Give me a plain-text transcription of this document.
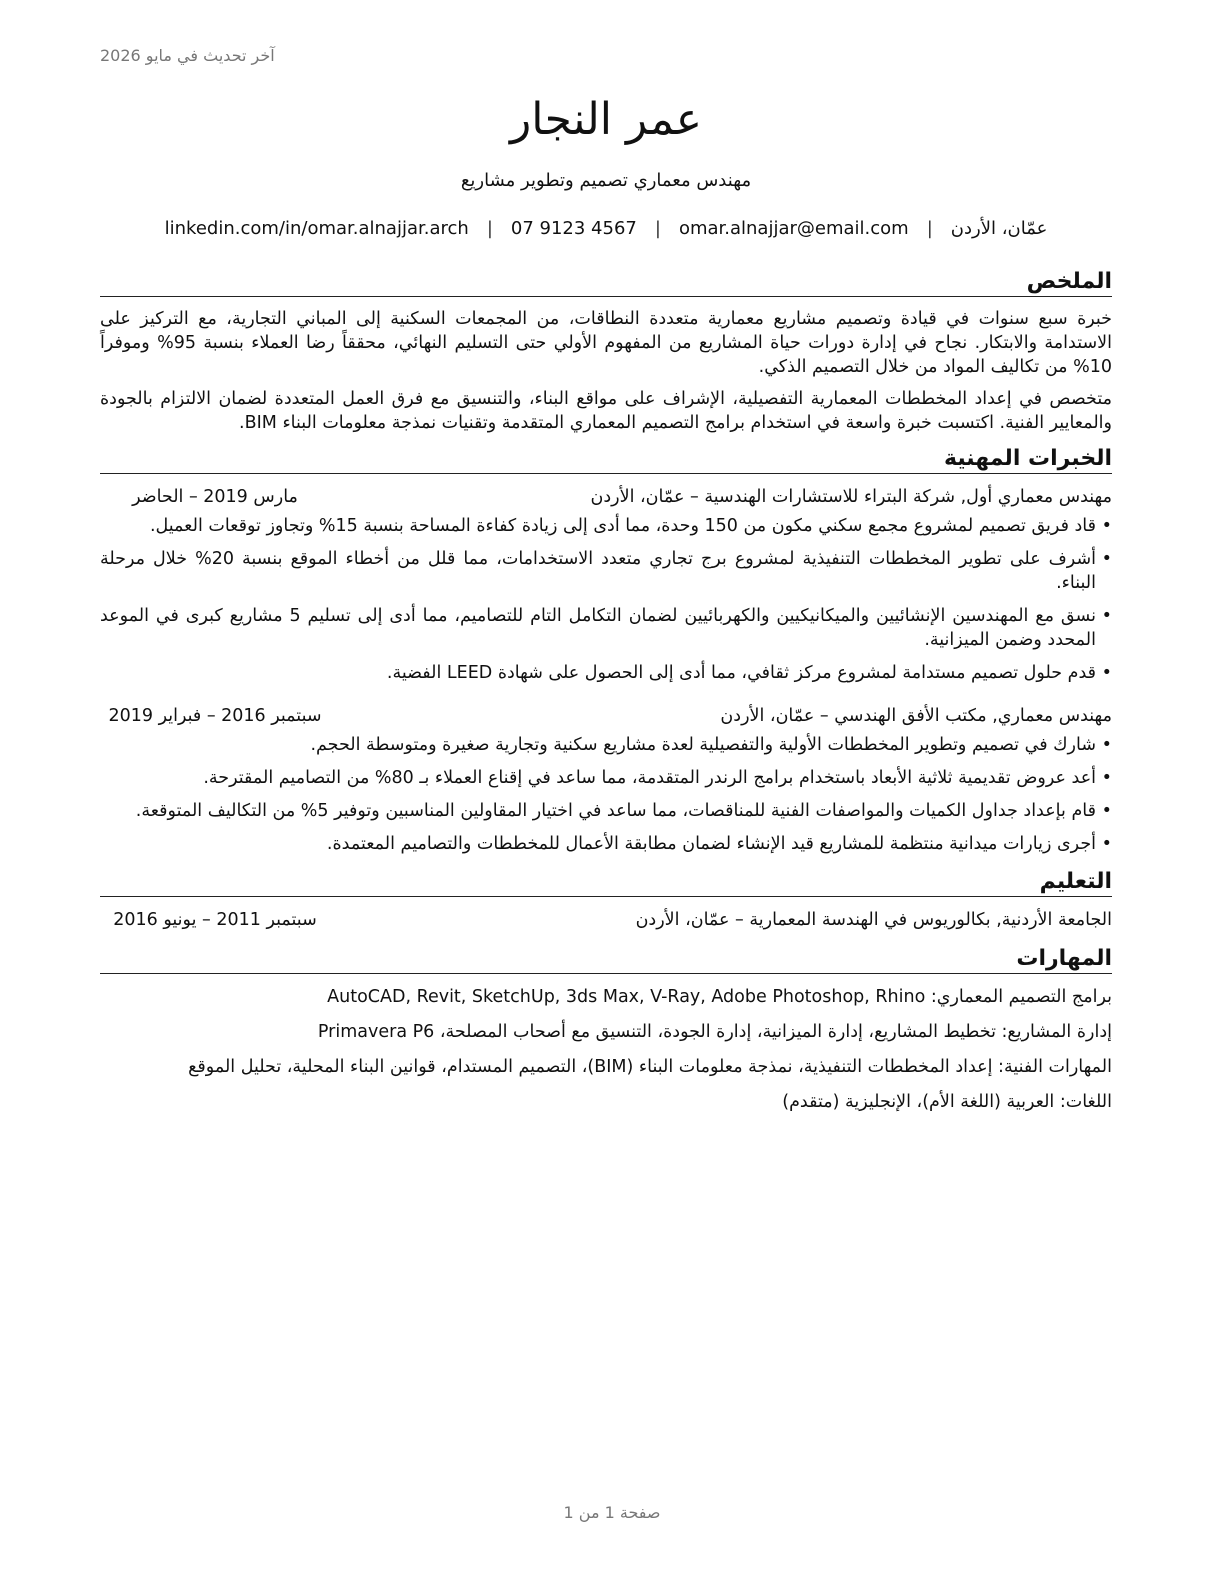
آخر تحديث في مايو 2026
عمر النجار
مهندس معماري تصميم وتطوير مشاريع
عمّان، الأردن
|
omar.alnajjar@email.com
|
07 9123 4567
|
linkedin.com/in/omar.alnajjar.arch
الملخص

خبرة سبع سنوات في قيادة وتصميم مشاريع معمارية متعددة النطاقات، من المجمعات السكنية إلى المباني التجارية، مع التركيز على الاستدامة والابتكار. نجاح في إدارة دورات حياة المشاريع من المفهوم الأولي حتى التسليم النهائي، محققاً رضا العملاء بنسبة 95% وموفراً 10% من تكاليف المواد من خلال التصميم الذكي.

متخصص في إعداد المخططات المعمارية التفصيلية، الإشراف على مواقع البناء، والتنسيق مع فرق العمل المتعددة لضمان الالتزام بالجودة والمعايير الفنية. اكتسبت خبرة واسعة في استخدام برامج التصميم المعماري المتقدمة وتقنيات نمذجة معلومات البناء BIM.

الخبرات المهنية
مهندس معماري أول, شركة البتراء للاستشارات الهندسية – عمّان، الأردن
مارس 2019 – الحاضر
• قاد فريق تصميم لمشروع مجمع سكني مكون من 150 وحدة، مما أدى إلى زيادة كفاءة المساحة بنسبة 15% وتجاوز توقعات العميل.
• أشرف على تطوير المخططات التنفيذية لمشروع برج تجاري متعدد الاستخدامات، مما قلل من أخطاء الموقع بنسبة 20% خلال مرحلة البناء.
• نسق مع المهندسين الإنشائيين والميكانيكيين والكهربائيين لضمان التكامل التام للتصاميم، مما أدى إلى تسليم 5 مشاريع كبرى في الموعد المحدد وضمن الميزانية.
• قدم حلول تصميم مستدامة لمشروع مركز ثقافي، مما أدى إلى الحصول على شهادة LEED الفضية.
مهندس معماري, مكتب الأفق الهندسي – عمّان، الأردن
سبتمبر 2016 – فبراير 2019
• شارك في تصميم وتطوير المخططات الأولية والتفصيلية لعدة مشاريع سكنية وتجارية صغيرة ومتوسطة الحجم.
• أعد عروض تقديمية ثلاثية الأبعاد باستخدام برامج الرندر المتقدمة، مما ساعد في إقناع العملاء بـ 80% من التصاميم المقترحة.
• قام بإعداد جداول الكميات والمواصفات الفنية للمناقصات، مما ساعد في اختيار المقاولين المناسبين وتوفير 5% من التكاليف المتوقعة.
• أجرى زيارات ميدانية منتظمة للمشاريع قيد الإنشاء لضمان مطابقة الأعمال للمخططات والتصاميم المعتمدة.
التعليم
الجامعة الأردنية, بكالوريوس في الهندسة المعمارية – عمّان، الأردن
سبتمبر 2011 – يونيو 2016
المهارات
برامج التصميم المعماري: AutoCAD, Revit, SketchUp, 3ds Max, V-Ray, Adobe Photoshop, Rhino
إدارة المشاريع: تخطيط المشاريع، إدارة الميزانية، إدارة الجودة، التنسيق مع أصحاب المصلحة، Primavera P6
المهارات الفنية: إعداد المخططات التنفيذية، نمذجة معلومات البناء (BIM)، التصميم المستدام، قوانين البناء المحلية، تحليل الموقع
اللغات: العربية (اللغة الأم)، الإنجليزية (متقدم)
صفحة 1 من 1
